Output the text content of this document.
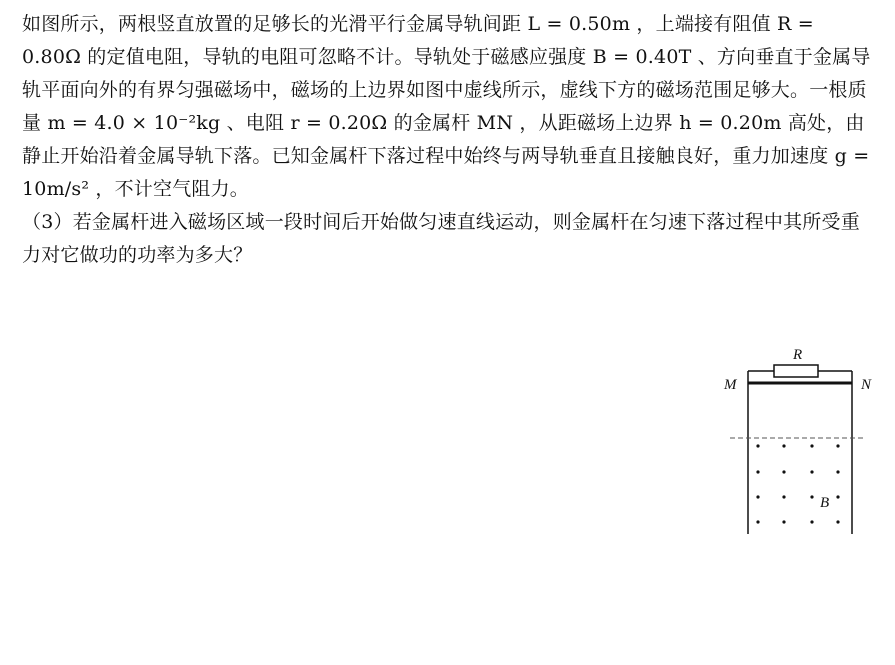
如图所示，两根竖直放置的足够长的光滑平行金属导轨间距 L = 0.50m ，上端接有阻值 R = 0.80Ω 的定值电阻，导轨的电阻可忽略不计。导轨处于磁感应强度 B = 0.40T 、方向垂直于金属导轨平面向外的有界匀强磁场中，磁场的上边界如图中虚线所示，虚线下方的磁场范围足够大。一根质量 m = 4.0 × 10⁻²kg 、电阻 r = 0.20Ω 的金属杆 MN ，从距磁场上边界 h = 0.20m 高处，由静止开始沿着金属导轨下落。已知金属杆下落过程中始终与两导轨垂直且接触良好，重力加速度 g = 10m/s² ，不计空气阻力。

（3）若金属杆进入磁场区域一段时间后开始做匀速直线运动，则金属杆在匀速下落过程中其所受重力对它做功的功率为多大？

R
M	N
B
